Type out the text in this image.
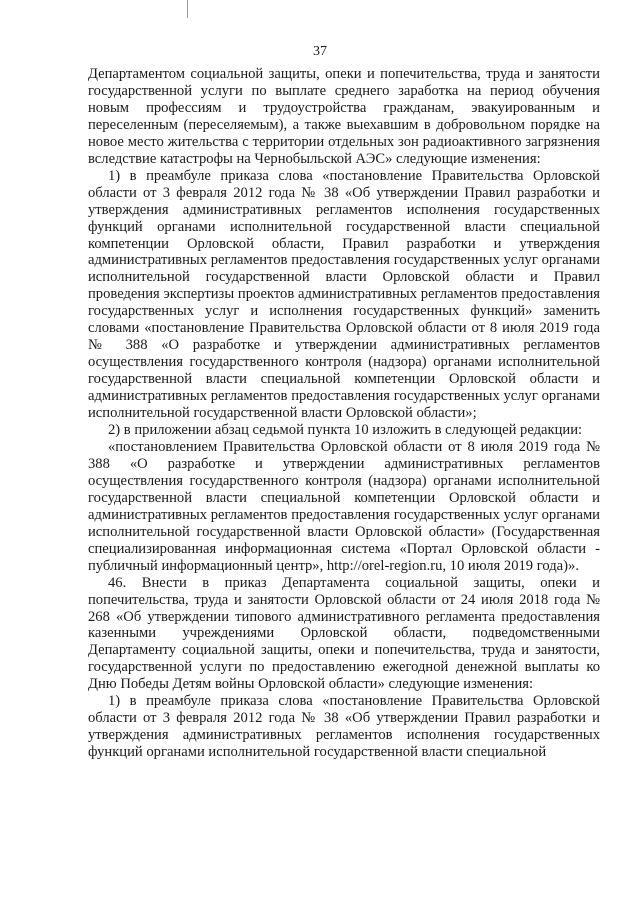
37

Департаментом социальной защиты, опеки и попечительства, труда и занятости государственной услуги по выплате среднего заработка на период обучения новым профессиям и трудоустройства гражданам, эвакуированным и переселенным (переселяемым), а также выехавшим в добровольном порядке на новое место жительства с территории отдельных зон радиоактивного загрязнения вследствие катастрофы на Чернобыльской АЭС» следующие изменения:

1) в преамбуле приказа слова «постановление Правительства Орловской области от 3 февраля 2012 года № 38 «Об утверждении Правил разработки и утверждения административных регламентов исполнения государственных функций органами исполнительной государственной власти специальной компетенции Орловской области, Правил разработки и утверждения административных регламентов предоставления государственных услуг органами исполнительной государственной власти Орловской области и Правил проведения экспертизы проектов административных регламентов предоставления государственных услуг и исполнения государственных функций» заменить словами «постановление Правительства Орловской области от 8 июля 2019 года № 388 «О разработке и утверждении административных регламентов осуществления государственного контроля (надзора) органами исполнительной государственной власти специальной компетенции Орловской области и административных регламентов предоставления государственных услуг органами исполнительной государственной власти Орловской области»;

2) в приложении абзац седьмой пункта 10 изложить в следующей редакции:

«постановлением Правительства Орловской области от 8 июля 2019 года № 388 «О разработке и утверждении административных регламентов осуществления государственного контроля (надзора) органами исполнительной государственной власти специальной компетенции Орловской области и административных регламентов предоставления государственных услуг органами исполнительной государственной власти Орловской области» (Государственная специализированная информационная система «Портал Орловской области - публичный информационный центр», http://orel-region.ru, 10 июля 2019 года)».

46. Внести в приказ Департамента социальной защиты, опеки и попечительства, труда и занятости Орловской области от 24 июля 2018 года № 268 «Об утверждении типового административного регламента предоставления казенными учреждениями Орловской области, подведомственными Департаменту социальной защиты, опеки и попечительства, труда и занятости, государственной услуги по предоставлению ежегодной денежной выплаты ко Дню Победы Детям войны Орловской области» следующие изменения:

1) в преамбуле приказа слова «постановление Правительства Орловской области от 3 февраля 2012 года № 38 «Об утверждении Правил разработки и утверждения административных регламентов исполнения государственных функций органами исполнительной государственной власти специальной
